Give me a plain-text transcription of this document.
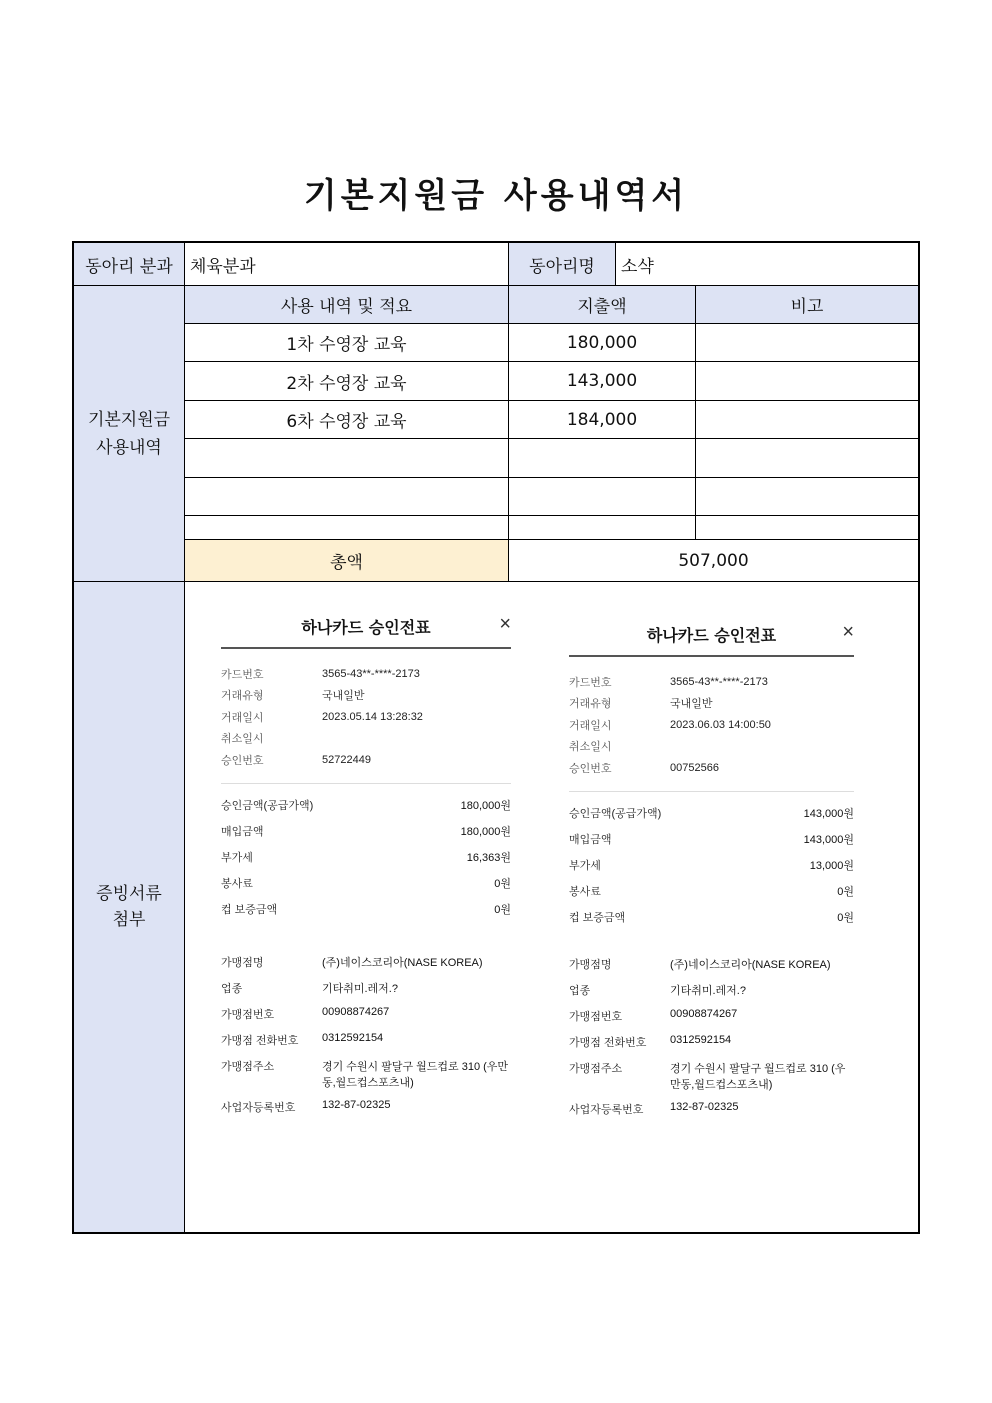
기본지원금 사용내역서
동아리 분과	체육분과	동아리명	소샥
기본지원금
사용내역
사용 내역 및 적요	지출액	비고
1차 수영장 교육	180,000
2차 수영장 교육	143,000
6차 수영장 교육	184,000
총액	507,000
증빙서류
첨부
하나카드 승인전표	×
카드번호	3565-43**-****-2173
거래유형	국내일반
거래일시	2023.05.14 13:28:32
취소일시
승인번호	52722449
승인금액(공급가액)	180,000원
매입금액	180,000원
부가세	16,363원
봉사료	0원
컵 보증금액	0원
가맹점명	(주)네이스코리아(NASE KOREA)
업종	기타취미.레저.?
가맹점번호	00908874267
가맹점 전화번호	0312592154
가맹점주소	경기 수원시 팔달구 월드컵로 310 (우만동,월드컵스포츠내)
사업자등록번호	132-87-02325
하나카드 승인전표	×
카드번호	3565-43**-****-2173
거래유형	국내일반
거래일시	2023.06.03 14:00:50
취소일시
승인번호	00752566
승인금액(공급가액)	143,000원
매입금액	143,000원
부가세	13,000원
봉사료	0원
컵 보증금액	0원
가맹점명	(주)네이스코리아(NASE KOREA)
업종	기타취미.레저.?
가맹점번호	00908874267
가맹점 전화번호	0312592154
가맹점주소	경기 수원시 팔달구 월드컵로 310 (우만동,월드컵스포츠내)
사업자등록번호	132-87-02325
